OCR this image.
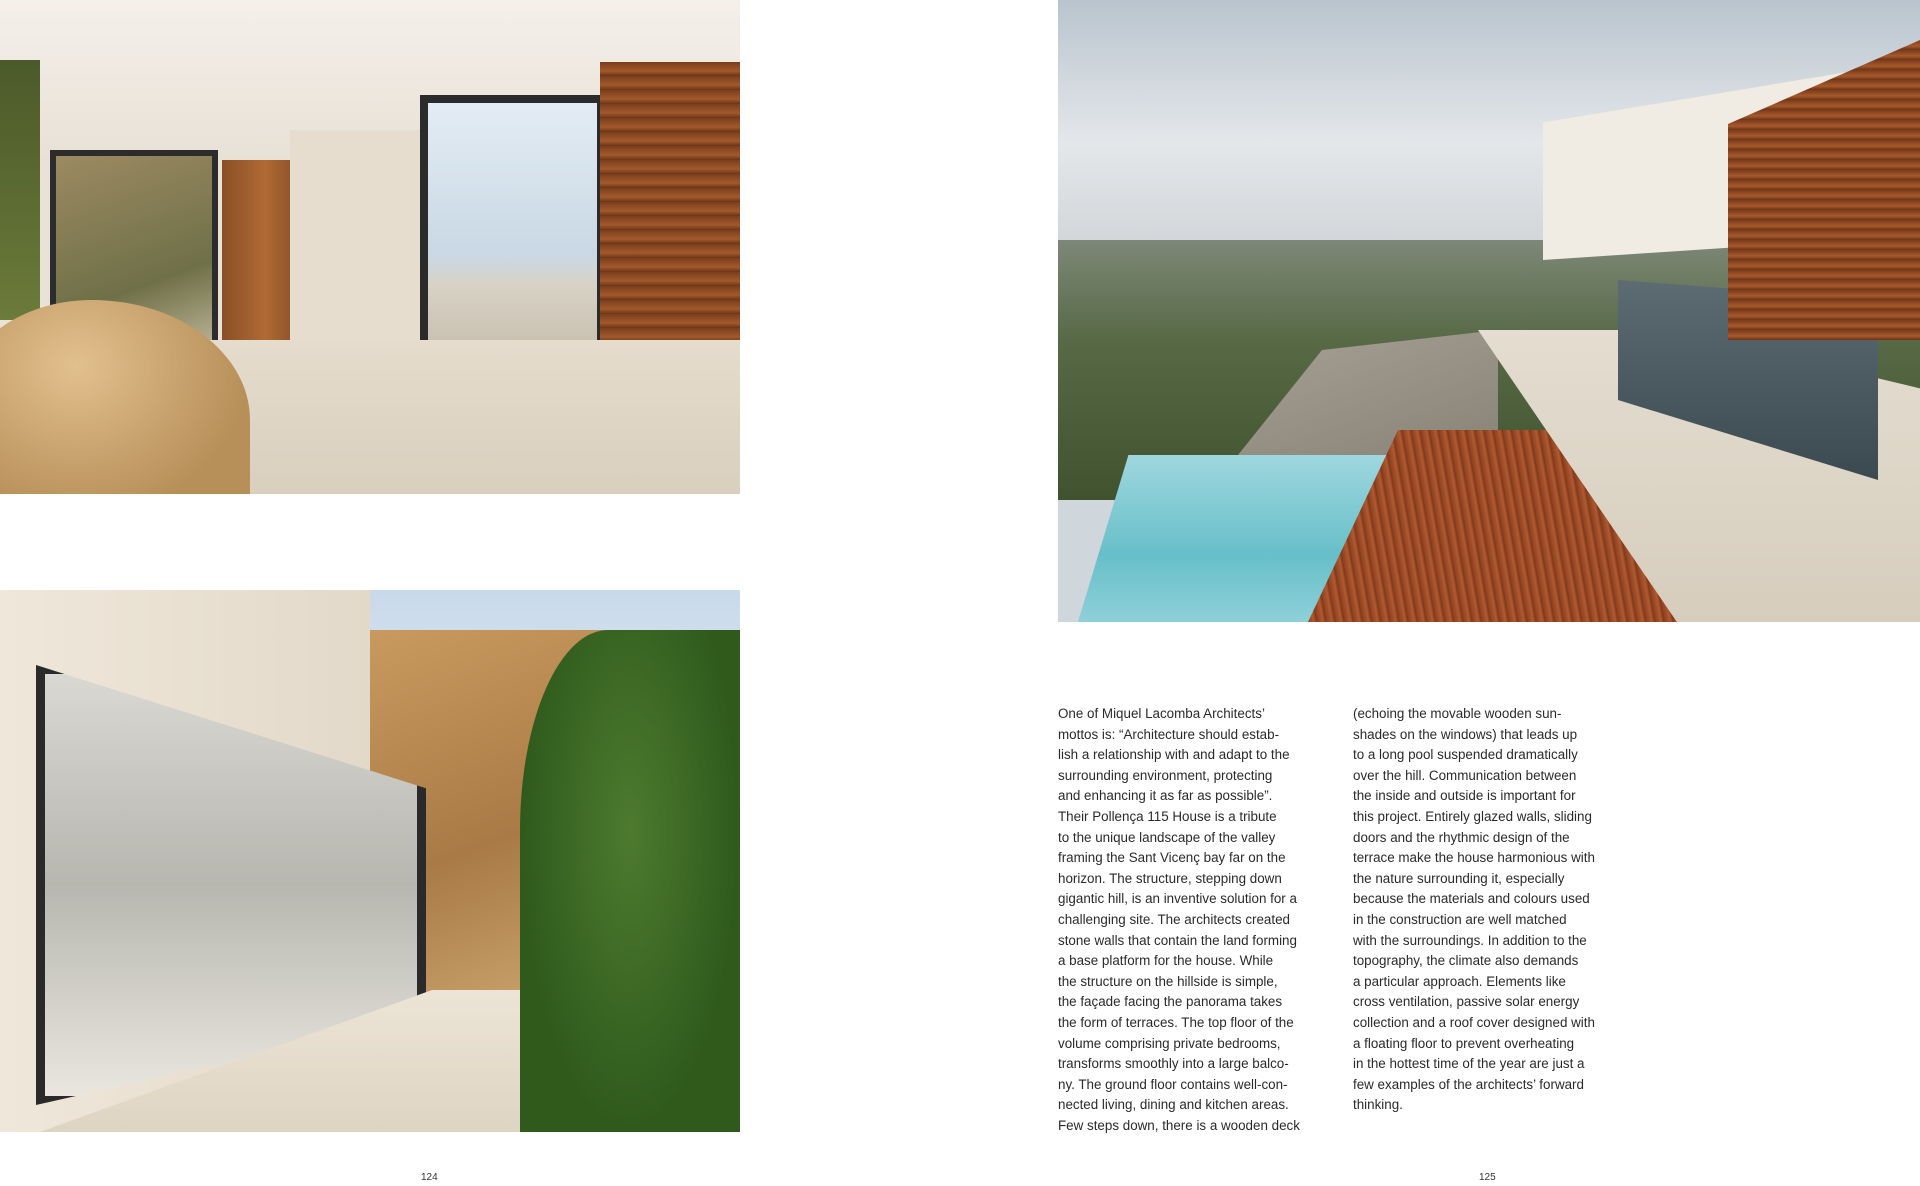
One of Miquel Lacomba Architects’
mottos is: “Architecture should estab-
lish a relationship with and adapt to the
surrounding environment, protecting
and enhancing it as far as possible”.
Their Pollença 115 House is a tribute
to the unique landscape of the valley
framing the Sant Vicenç bay far on the
horizon. The structure, stepping down
gigantic hill, is an inventive solution for a
challenging site. The architects created
stone walls that contain the land forming
a base platform for the house. While
the structure on the hillside is simple,
the façade facing the panorama takes
the form of terraces. The top floor of the
volume comprising private bedrooms,
transforms smoothly into a large balco-
ny. The ground floor contains well-con-
nected living, dining and kitchen areas.
Few steps down, there is a wooden deck
(echoing the movable wooden sun-
shades on the windows) that leads up
to a long pool suspended dramatically
over the hill. Communication between
the inside and outside is important for
this project. Entirely glazed walls, sliding
doors and the rhythmic design of the
terrace make the house harmonious with
the nature surrounding it, especially
because the materials and colours used
in the construction are well matched
with the surroundings. In addition to the
topography, the climate also demands
a particular approach. Elements like
cross ventilation, passive solar energy
collection and a roof cover designed with
a floating floor to prevent overheating
in the hottest time of the year are just a
few examples of the architects’ forward
thinking.
124	125
